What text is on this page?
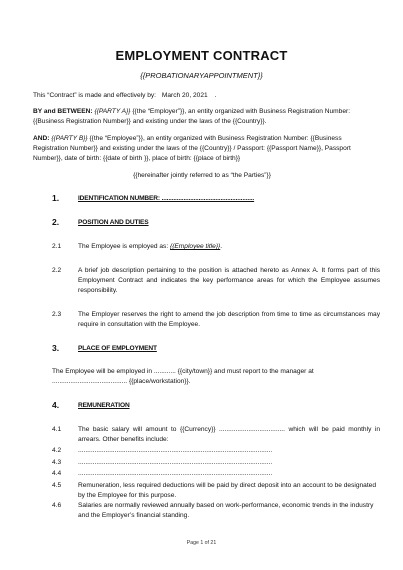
EMPLOYMENT CONTRACT
{{PROBATIONARYAPPOINTMENT}}
This “Contract” is made and effectively by: March 20, 2021 .
BY and BETWEEN: {{PARTY A}} {{the “Employer”}}, an entity organized with Business Registration Number: {{Business Registration Number}} and existing under the laws of the {{Country}}.
AND: {{PARTY B}} {{the “Employee”}}, an entity organized with Business Registration Number: {{Business Registration Number}} and existing under the laws of the {{Country}} / Passport: {{Passport Name}}, Passport Number}}, date of birth: {{date of birth }}, place of birth: {{place of birth}}
{{hereinafter jointly referred to as “the Parties”}}
1.	IDENTIFICATION NUMBER: .......................................................
2.	POSITION AND DUTIES
2.1	The Employee is employed as: {{Employee title}}.
2.2	A brief job description pertaining to the position is attached hereto as Annex A. It forms part of this Employment Contract and indicates the key performance areas for which the Employee assumes responsibility.
2.3	The Employer reserves the right to amend the job description from time to time as circumstances may require in consultation with the Employee.
3.	PLACE OF EMPLOYMENT
The Employee will be employed in ............ {{city/town}} and must report to the manager at ......................................... {{place/workstation}}.
4.	REMUNERATION
4.1	The basic salary will amount to {{Currency}} .................................... which will be paid monthly in arrears. Other benefits include:
4.2	..........................................................................................................
4.3	..........................................................................................................
4.4	..........................................................................................................
4.5	Remuneration, less required deductions will be paid by direct deposit into an account to be designated by the Employee for this purpose.
4.6	Salaries are normally reviewed annually based on work-performance, economic trends in the industry and the Employer’s financial standing.
Page 1 of 21
